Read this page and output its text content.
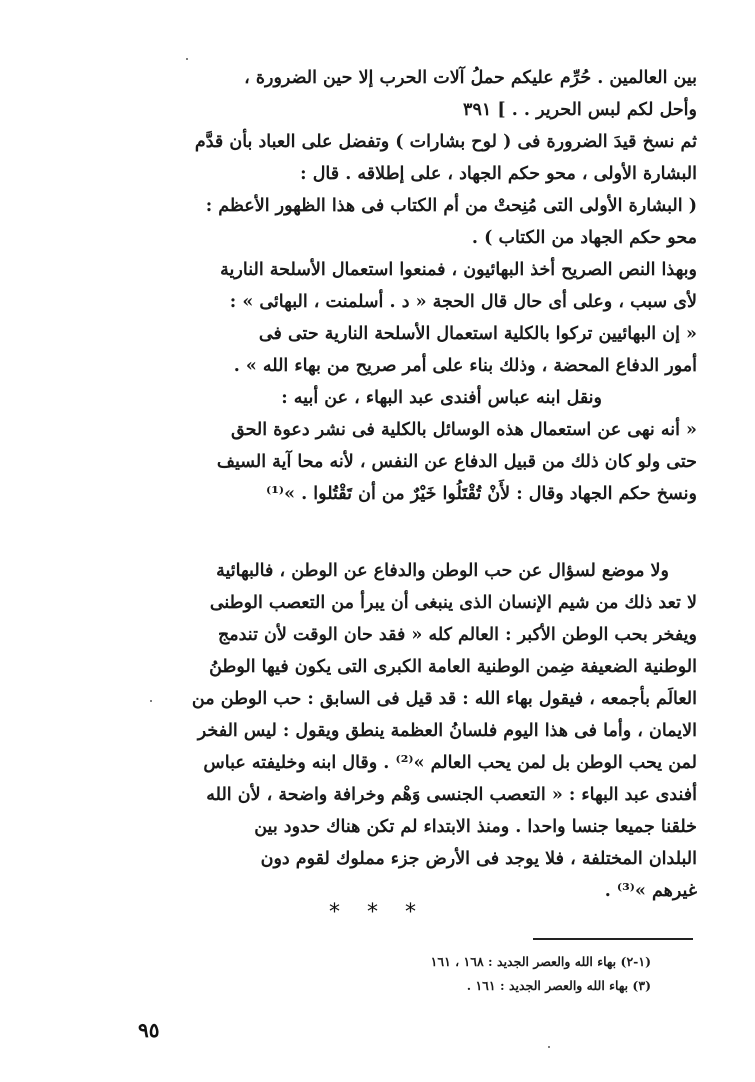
بين العالمين . حُرِّم عليكم حملُ آلات الحرب إلا حين الضرورة ،

وأحل لكم لبس الحرير . . ] ٣٩١

ثم نسخ قيدَ الضرورة فى ( لوح بشارات ) وتفضل على العباد بأن قدَّم

البشارة الأولى ، محو حكم الجهاد ، على إطلاقه . قال :

( البشارة الأولى التى مُنِحتْ من أم الكتاب فى هذا الظهور الأعظم :

محو حكم الجهاد من الكتاب ) .

وبهذا النص الصريح أخذ البهائيون ، فمنعوا استعمال الأسلحة النارية

لأى سبب ، وعلى أى حال قال الحجة « د . أسلمنت ، البهائى » :

« إن البهائيين تركوا بالكلية استعمال الأسلحة النارية حتى فى

أمور الدفاع المحضة ، وذلك بناء على أمر صريح من بهاء الله » .

ونقل ابنه عباس أفندى عبد البهاء ، عن أبيه :

« أنه نهى عن استعمال هذه الوسائل بالكلية فى نشر دعوة الحق

حتى ولو كان ذلك من قبيل الدفاع عن النفس ، لأنه محا آية السيف

ونسخ حكم الجهاد وقال : لأَنْ تُقْتَلُوا خَيْرٌ من أن تَقْتُلوا . »⁽¹⁾

ولا موضع لسؤال عن حب الوطن والدفاع عن الوطن ، فالبهائية

لا تعد ذلك من شيم الإنسان الذى ينبغى أن يبرأ من التعصب الوطنى

ويفخر بحب الوطن الأكبر : العالم كله « فقد حان الوقت لأن تندمج

الوطنية الضعيفة ضِمن الوطنية العامة الكبرى التى يكون فيها الوطنُ

العالَم بأجمعه ، فيقول بهاء الله : قد قيل فى السابق : حب الوطن من

الايمان ، وأما فى هذا اليوم فلسانُ العظمة ينطق ويقول : ليس الفخر

لمن يحب الوطن بل لمن يحب العالم »⁽²⁾ . وقال ابنه وخليفته عباس

أفندى عبد البهاء : « التعصب الجنسى وَهْم وخرافة واضحة ، لأن الله

خلقنا جميعا جنسا واحدا . ومنذ الابتداء لم تكن هناك حدود بين

البلدان المختلفة ، فلا يوجد فى الأرض جزء مملوك لقوم دون

غيرهم »⁽³⁾ .

* * *

(١-٢) بهاء الله والعصر الجديد : ١٦٨ ، ١٦١

(٣) بهاء الله والعصر الجديد : ١٦١ .

٩٥
